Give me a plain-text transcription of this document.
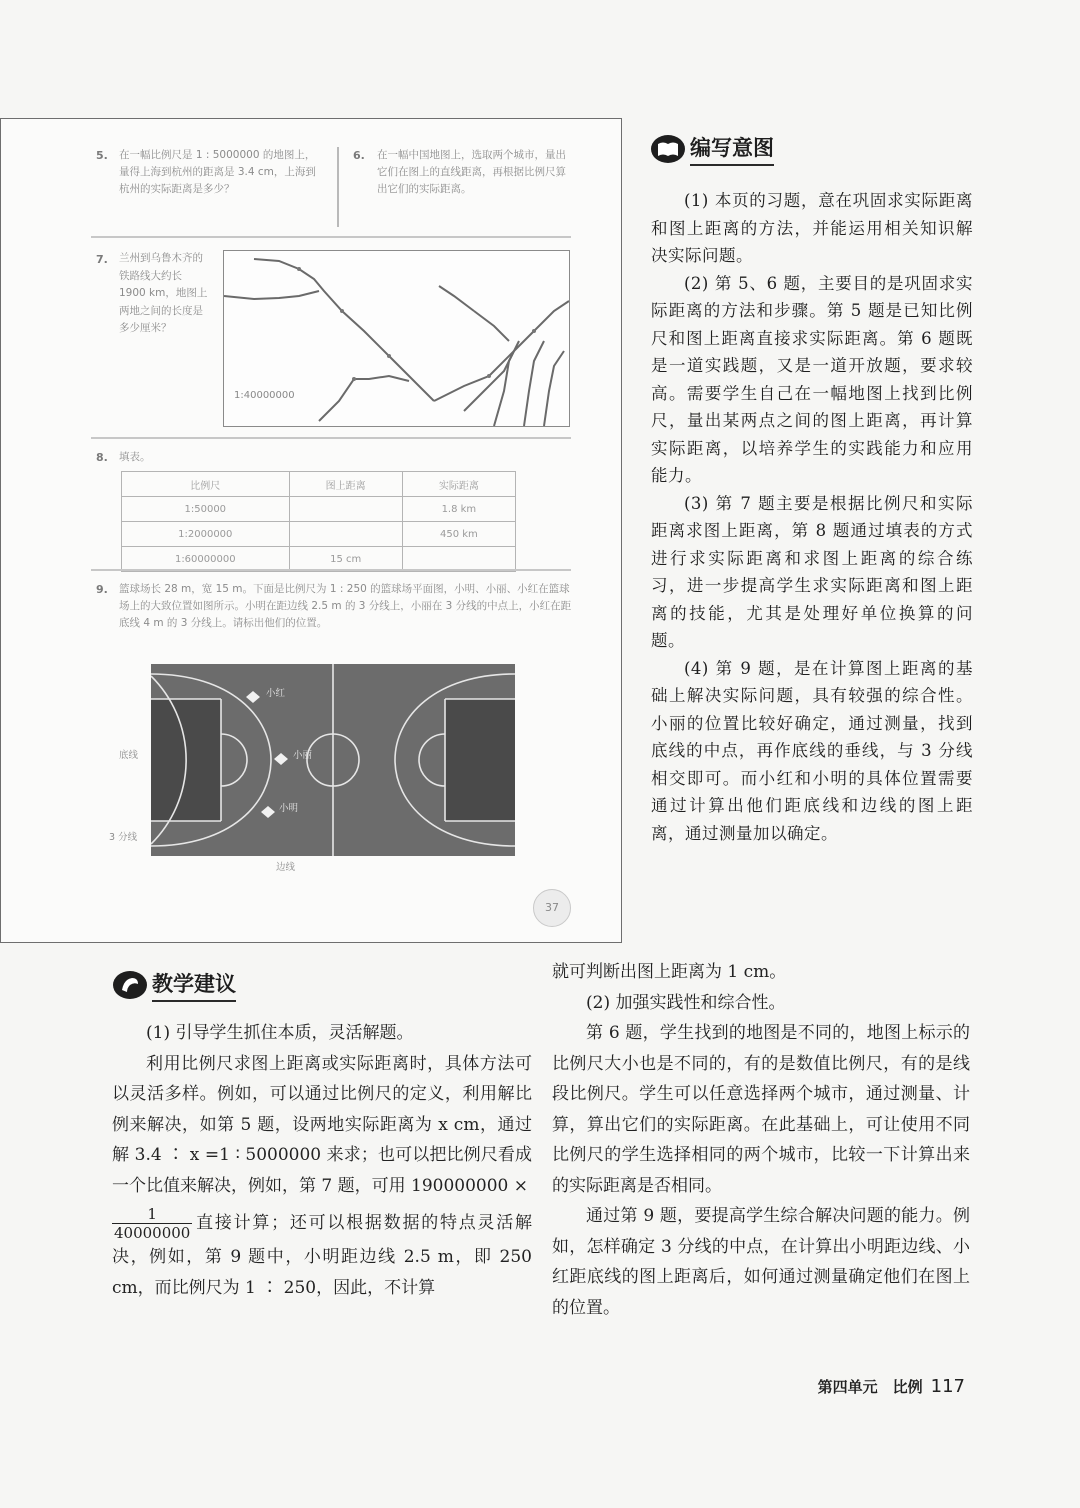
5. 在一幅比例尺是 1 : 5000000 的地图上，量得上海到杭州的距离是 3.4 cm，上海到杭州的实际距离是多少？
6. 在一幅中国地图上，选取两个城市，量出它们在图上的直线距离，再根据比例尺算出它们的实际距离。
7. 兰州到乌鲁木齐的铁路线大约长 1900 km，地图上两地之间的长度是多少厘米？
1:40000000
8. 填表。
比例尺	图上距离	实际距离
1:50000		1.8 km
1:2000000		450 km
1:60000000	15 cm	
9. 篮球场长 28 m，宽 15 m。下面是比例尺为 1 : 250 的篮球场平面图，小明、小丽、小红在篮球场上的大致位置如图所示。小明在距边线 2.5 m 的 3 分线上，小丽在 3 分线的中点上，小红在距底线 4 m 的 3 分线上。请标出他们的位置。
小红
小丽
小明
底线
3 分线
边线
37
编写意图

(1) 本页的习题，意在巩固求实际距离和图上距离的方法，并能运用相关知识解决实际问题。

(2) 第 5、6 题，主要目的是巩固求实际距离的方法和步骤。第 5 题是已知比例尺和图上距离直接求实际距离。第 6 题既是一道实践题，又是一道开放题，要求较高。需要学生自己在一幅地图上找到比例尺，量出某两点之间的图上距离，再计算实际距离，以培养学生的实践能力和应用能力。

(3) 第 7 题主要是根据比例尺和实际距离求图上距离，第 8 题通过填表的方式进行求实际距离和求图上距离的综合练习，进一步提高学生求实际距离和图上距离的技能，尤其是处理好单位换算的问题。

(4) 第 9 题，是在计算图上距离的基础上解决实际问题，具有较强的综合性。小丽的位置比较好确定，通过测量，找到底线的中点，再作底线的垂线，与 3 分线相交即可。而小红和小明的具体位置需要通过计算出他们距底线和边线的图上距离，通过测量加以确定。

教学建议

(1) 引导学生抓住本质，灵活解题。

利用比例尺求图上距离或实际距离时，具体方法可以灵活多样。例如，可以通过比例尺的定义，利用解比例来解决，如第 5 题，设两地实际距离为 x cm，通过解 3.4 ∶ x =1 ∶ 5000000 来求；也可以把比例尺看成一个比值来解决，例如，第 7 题，可用 190000000 ×

$\frac{1}{40000000}$ 直接计算；还可以根据数据的特点灵活解决，例如，第 9 题中，小明距边线 2.5 m，即 250 cm，而比例尺为 1 ∶ 250，因此，不计算

就可判断出图上距离为 1 cm。

(2) 加强实践性和综合性。

第 6 题，学生找到的地图是不同的，地图上标示的比例尺大小也是不同的，有的是数值比例尺，有的是线段比例尺。学生可以任意选择两个城市，通过测量、计算，算出它们的实际距离。在此基础上，可让使用不同比例尺的学生选择相同的两个城市，比较一下计算出来的实际距离是否相同。

通过第 9 题，要提高学生综合解决问题的能力。例如，怎样确定 3 分线的中点，在计算出小明距边线、小红距底线的图上距离后，如何通过测量确定他们在图上的位置。

第四单元　比例 117
